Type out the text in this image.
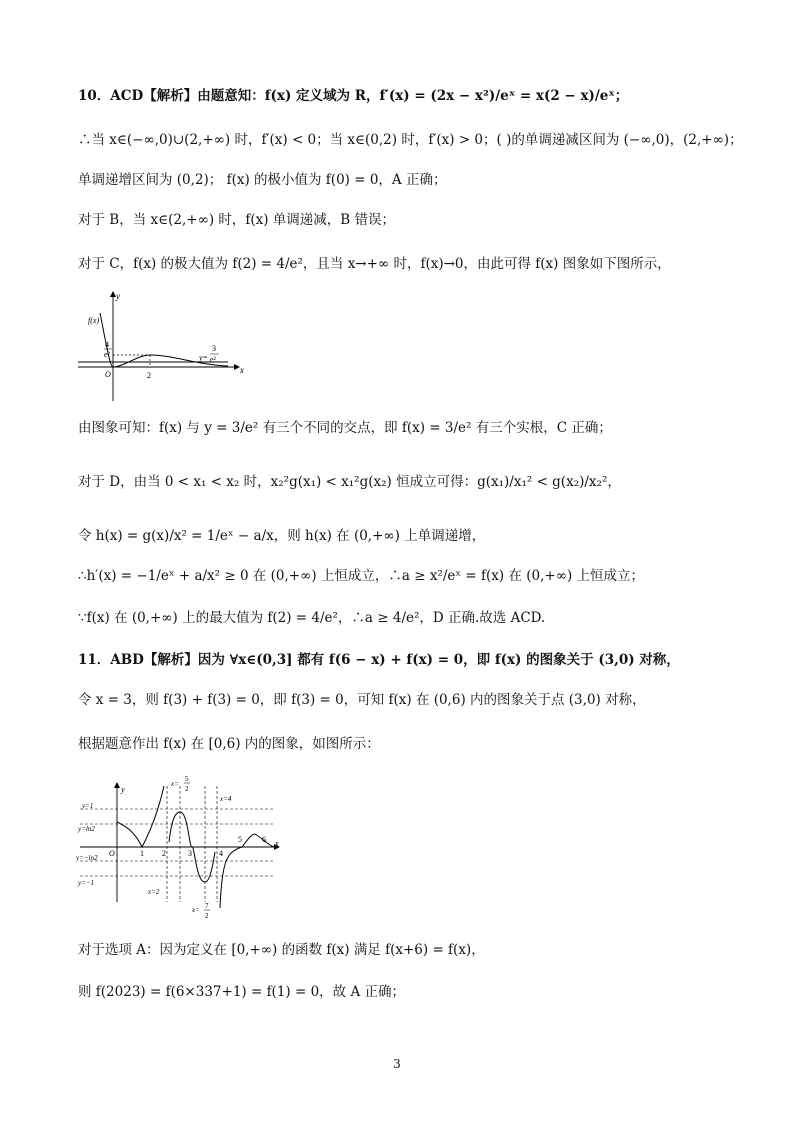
10．ACD【解析】由题意知：f(x) 定义域为 R，f′(x) = (2x − x²)/eˣ = x(2 − x)/eˣ；
∴当 x∈(−∞,0)∪(2,+∞) 时，f′(x) < 0；当 x∈(0,2) 时，f′(x) > 0；( )的单调递减区间为 (−∞,0)，(2,+∞)；
单调递增区间为 (0,2)； f(x) 的极小值为 f(0) = 0，A 正确；
对于 B，当 x∈(2,+∞) 时，f(x) 单调递减，B 错误；
对于 C，f(x) 的极大值为 f(2) = 4/e²，且当 x→+∞ 时，f(x)→0，由此可得 f(x) 图象如下图所示，
y
x
f(x)
4
e²
O	2
y=
3
e²
由图象可知：f(x) 与 y = 3/e² 有三个不同的交点，即 f(x) = 3/e² 有三个实根，C 正确；
对于 D，由当 0 < x₁ < x₂ 时，x₂²g(x₁) < x₁²g(x₂) 恒成立可得：g(x₁)/x₁² < g(x₂)/x₂²，
令 h(x) = g(x)/x² = 1/eˣ − a/x，则 h(x) 在 (0,+∞) 上单调递增，
∴h′(x) = −1/eˣ + a/x² ≥ 0 在 (0,+∞) 上恒成立，∴a ≥ x²/eˣ = f(x) 在 (0,+∞) 上恒成立；
∵f(x) 在 (0,+∞) 上的最大值为 f(2) = 4/e²，∴a ≥ 4/e²，D 正确.故选 ACD.
11．ABD【解析】因为 ∀x∈(0,3] 都有 f(6 − x) + f(x) = 0，即 f(x) 的图象关于 (3,0) 对称，
令 x = 3，则 f(3) + f(3) = 0，即 f(3) = 0，可知 f(x) 在 (0,6) 内的图象关于点 (3,0) 对称，
根据题意作出 f(x) 在 [0,6) 内的图象，如图所示：
y
x
O	1 2	3	4
5	6
y=1
y=ln2
y=−ln2
y=−1
x=
5
2
x=4
x=2
x= 7
2
对于选项 A：因为定义在 [0,+∞) 的函数 f(x) 满足 f(x+6) = f(x)，
则 f(2023) = f(6×337+1) = f(1) = 0，故 A 正确；
3
